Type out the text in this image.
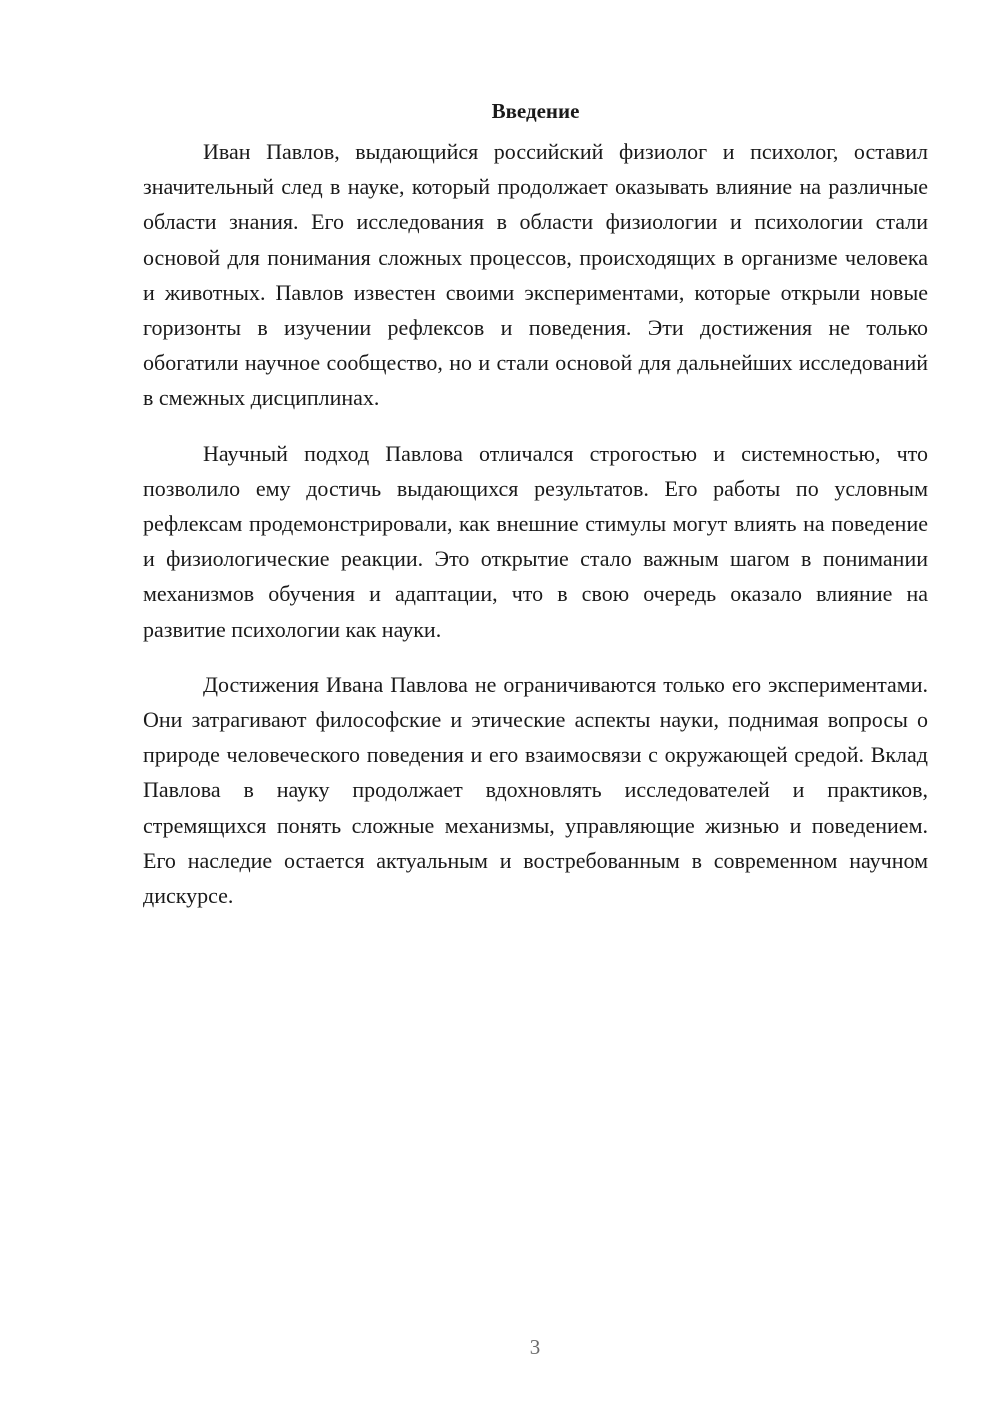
Введение

Иван Павлов, выдающийся российский физиолог и психолог, оставил значительный след в науке, который продолжает оказывать влияние на различные области знания. Его исследования в области физиологии и психологии стали основой для понимания сложных процессов, происходящих в организме человека и животных. Павлов известен своими экспериментами, которые открыли новые горизонты в изучении рефлексов и поведения. Эти достижения не только обогатили научное сообщество, но и стали основой для дальнейших исследований в смежных дисциплинах.

Научный подход Павлова отличался строгостью и системностью, что позволило ему достичь выдающихся результатов. Его работы по условным рефлексам продемонстрировали, как внешние стимулы могут влиять на поведение и физиологические реакции. Это открытие стало важным шагом в понимании механизмов обучения и адаптации, что в свою очередь оказало влияние на развитие психологии как науки.

Достижения Ивана Павлова не ограничиваются только его экспериментами. Они затрагивают философские и этические аспекты науки, поднимая вопросы о природе человеческого поведения и его взаимосвязи с окружающей средой. Вклад Павлова в науку продолжает вдохновлять исследователей и практиков, стремящихся понять сложные механизмы, управляющие жизнью и поведением. Его наследие остается актуальным и востребованным в современном научном дискурсе.

3
